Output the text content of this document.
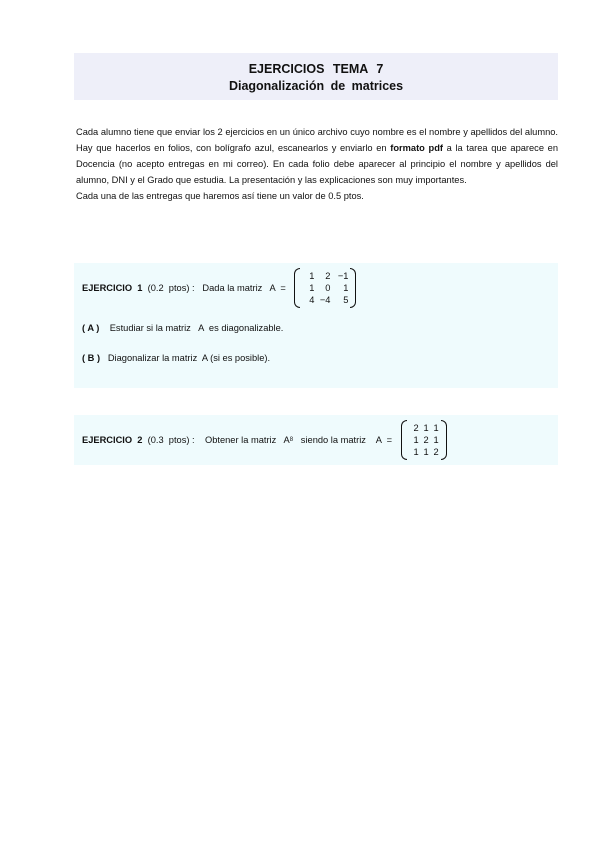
EJERCICIOS TEMA 7
Diagonalización de matrices
Cada alumno tiene que enviar los 2 ejercicios en un único archivo cuyo nombre es el nombre y apellidos del alumno. Hay que hacerlos en folios, con bolígrafo azul, escanearlos y enviarlo en formato pdf a la tarea que aparece en Docencia (no acepto entregas en mi correo). En cada folio debe aparecer al principio el nombre y apellidos del alumno, DNI y el Grado que estudia. La presentación y las explicaciones son muy importantes.
Cada una de las entregas que haremos así tiene un valor de 0.5 ptos.
EJERCICIO  1 (0.2  ptos) :   Dada la matriz   A  =
1	2 −1
1	0	1
4 −4	5
( A ) Estudiar si la matriz   A  es diagonalizable.
( B ) Diagonalizar la matriz  A (si es posible).
EJERCICIO  2 (0.3  ptos) :    Obtener la matriz   A 8 siendo la matriz    A  =
2 1 1
1 2 1
1 1 2
